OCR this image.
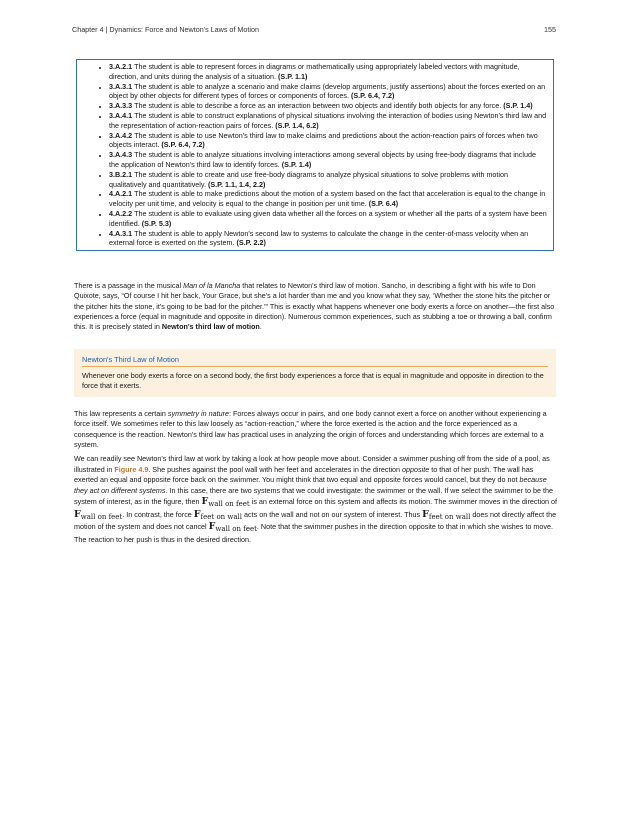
Chapter 4 | Dynamics: Force and Newton's Laws of Motion	155
• 3.A.2.1 The student is able to represent forces in diagrams or mathematically using appropriately labeled vectors with magnitude, direction, and units during the analysis of a situation. (S.P. 1.1)
• 3.A.3.1 The student is able to analyze a scenario and make claims (develop arguments, justify assertions) about the forces exerted on an object by other objects for different types of forces or components of forces. (S.P. 6.4, 7.2)
• 3.A.3.3 The student is able to describe a force as an interaction between two objects and identify both objects for any force. (S.P. 1.4)
• 3.A.4.1 The student is able to construct explanations of physical situations involving the interaction of bodies using Newton's third law and the representation of action-reaction pairs of forces. (S.P. 1.4, 6.2)
• 3.A.4.2 The student is able to use Newton's third law to make claims and predictions about the action-reaction pairs of forces when two objects interact. (S.P. 6.4, 7.2)
• 3.A.4.3 The student is able to analyze situations involving interactions among several objects by using free-body diagrams that include the application of Newton's third law to identify forces. (S.P. 1.4)
• 3.B.2.1 The student is able to create and use free-body diagrams to analyze physical situations to solve problems with motion qualitatively and quantitatively. (S.P. 1.1, 1.4, 2.2)
• 4.A.2.1 The student is able to make predictions about the motion of a system based on the fact that acceleration is equal to the change in velocity per unit time, and velocity is equal to the change in position per unit time. (S.P. 6.4)
• 4.A.2.2 The student is able to evaluate using given data whether all the forces on a system or whether all the parts of a system have been identified. (S.P. 5.3)
• 4.A.3.1 The student is able to apply Newton's second law to systems to calculate the change in the center-of-mass velocity when an external force is exerted on the system. (S.P. 2.2)

There is a passage in the musical Man of la Mancha that relates to Newton's third law of motion. Sancho, in describing a fight with his wife to Don Quixote, says, “Of course I hit her back, Your Grace, but she's a lot harder than me and you know what they say, ‘Whether the stone hits the pitcher or the pitcher hits the stone, it's going to be bad for the pitcher.’” This is exactly what happens whenever one body exerts a force on another—the first also experiences a force (equal in magnitude and opposite in direction). Numerous common experiences, such as stubbing a toe or throwing a ball, confirm this. It is precisely stated in Newton's third law of motion.

Newton's Third Law of Motion
Whenever one body exerts a force on a second body, the first body experiences a force that is equal in magnitude and opposite in direction to the force that it exerts.

This law represents a certain symmetry in nature: Forces always occur in pairs, and one body cannot exert a force on another without experiencing a force itself. We sometimes refer to this law loosely as “action-reaction,” where the force exerted is the action and the force experienced as a consequence is the reaction. Newton's third law has practical uses in analyzing the origin of forces and understanding which forces are external to a system.

We can readily see Newton's third law at work by taking a look at how people move about. Consider a swimmer pushing off from the side of a pool, as illustrated in Figure 4.9. She pushes against the pool wall with her feet and accelerates in the direction opposite to that of her push. The wall has exerted an equal and opposite force back on the swimmer. You might think that two equal and opposite forces would cancel, but they do not because they act on different systems. In this case, there are two systems that we could investigate: the swimmer or the wall. If we select the swimmer to be the system of interest, as in the figure, then Fwall on feet is an external force on this system and affects its motion. The swimmer moves in the direction of Fwall on feet. In contrast, the force Ffeet on wall acts on the wall and not on our system of interest. Thus Ffeet on wall does not directly affect the motion of the system and does not cancel Fwall on feet. Note that the swimmer pushes in the direction opposite to that in which she wishes to move. The reaction to her push is thus in the desired direction.
